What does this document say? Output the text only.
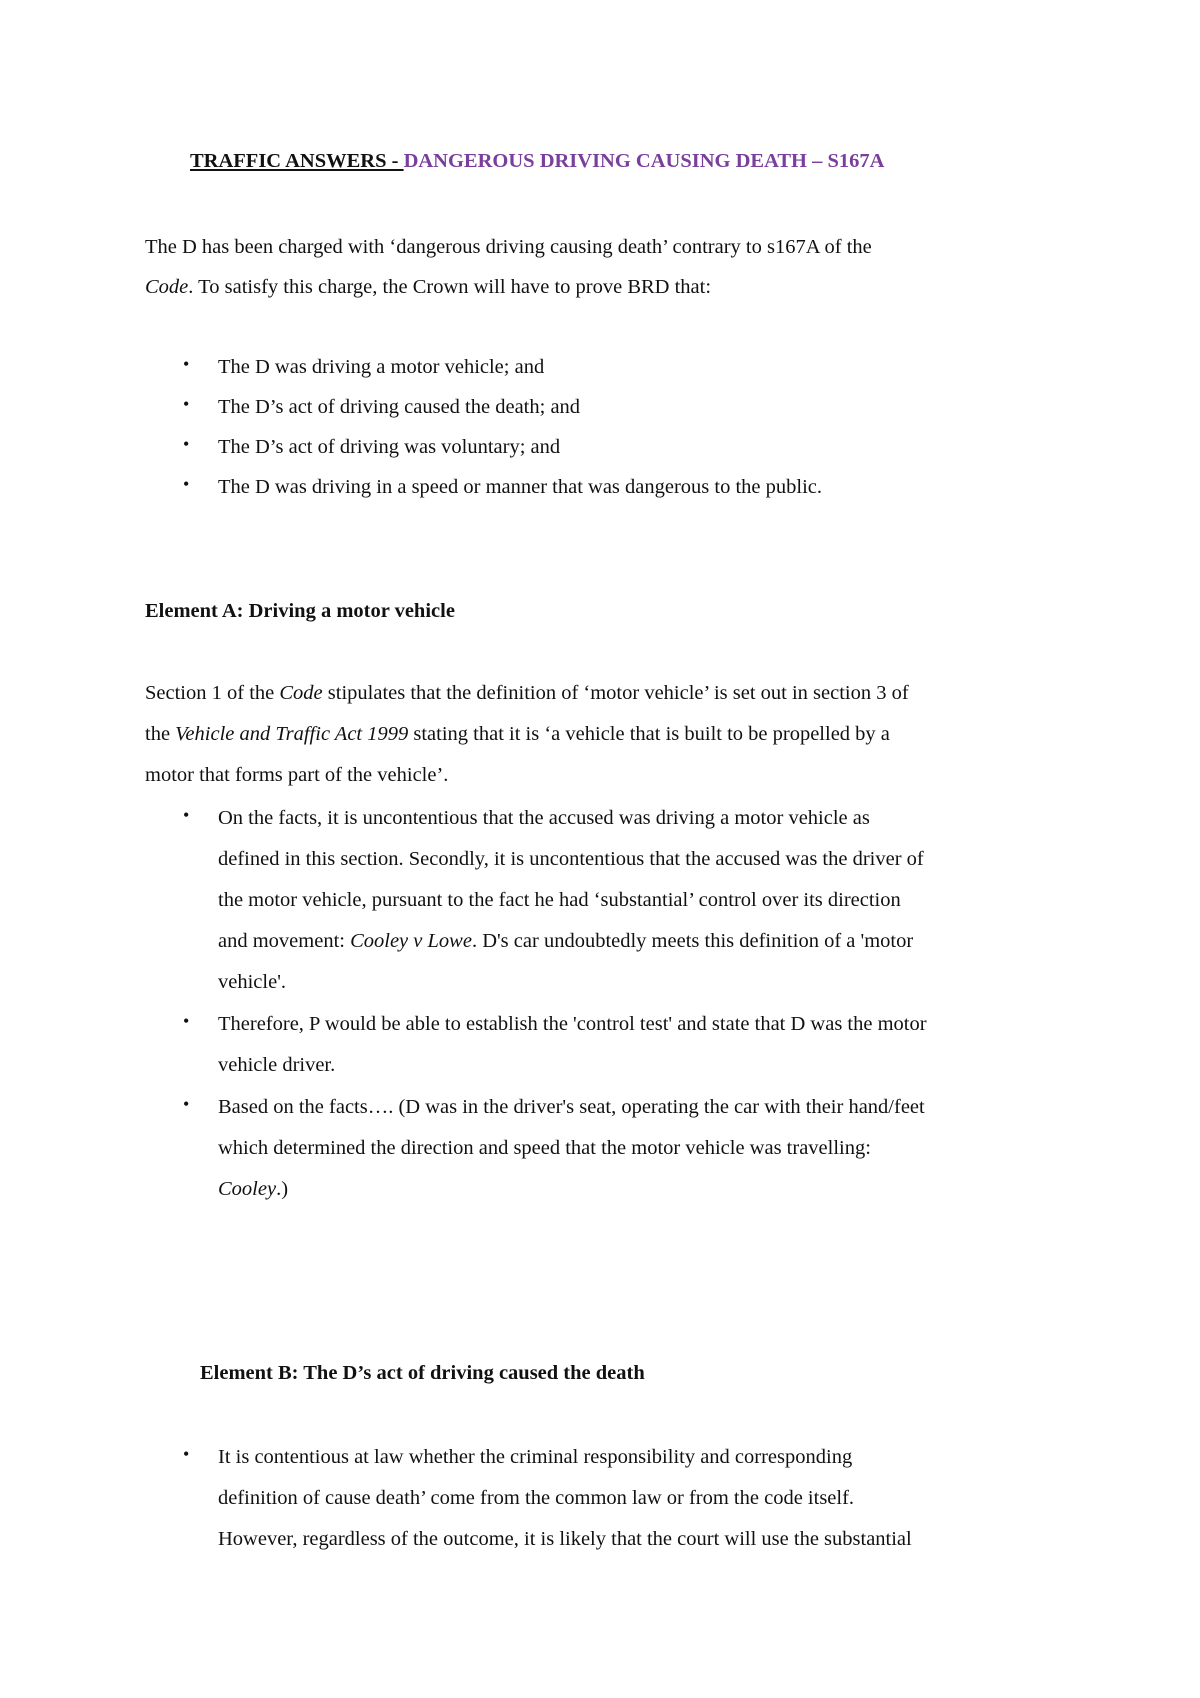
TRAFFIC ANSWERS - DANGEROUS DRIVING CAUSING DEATH – S167A
The D has been charged with ‘dangerous driving causing death’ contrary to s167A of the
Code. To satisfy this charge, the Crown will have to prove BRD that:
• The D was driving a motor vehicle; and
• The D’s act of driving caused the death; and
• The D’s act of driving was voluntary; and
• The D was driving in a speed or manner that was dangerous to the public.
Element A: Driving a motor vehicle
Section 1 of the Code stipulates that the definition of ‘motor vehicle’ is set out in section 3 of
the Vehicle and Traffic Act 1999 stating that it is ‘a vehicle that is built to be propelled by a
motor that forms part of the vehicle’.
• On the facts, it is uncontentious that the accused was driving a motor vehicle as
defined in this section. Secondly, it is uncontentious that the accused was the driver of
the motor vehicle, pursuant to the fact he had ‘substantial’ control over its direction
and movement: Cooley v Lowe. D's car undoubtedly meets this definition of a 'motor
vehicle'.
• Therefore, P would be able to establish the 'control test' and state that D was the motor
vehicle driver.
• Based on the facts…. (D was in the driver's seat, operating the car with their hand/feet
which determined the direction and speed that the motor vehicle was travelling:
Cooley.)
Element B: The D’s act of driving caused the death
• It is contentious at law whether the criminal responsibility and corresponding
definition of cause death’ come from the common law or from the code itself.
However, regardless of the outcome, it is likely that the court will use the substantial
